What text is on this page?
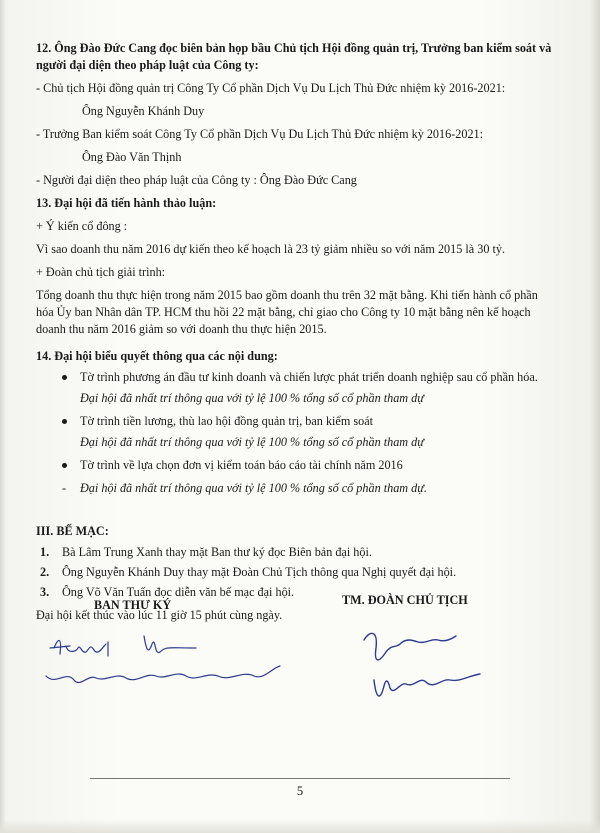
12. Ông Đào Đức Cang đọc biên bản họp bầu Chủ tịch Hội đồng quản trị, Trưởng ban kiểm soát và người đại diện theo pháp luật của Công ty:

- Chủ tịch Hội đồng quản trị Công Ty Cổ phần Dịch Vụ Du Lịch Thủ Đức nhiệm kỳ 2016-2021:

Ông Nguyễn Khánh Duy

- Trưởng Ban kiểm soát Công Ty Cổ phần Dịch Vụ Du Lịch Thủ Đức nhiệm kỳ 2016-2021:

Ông Đào Văn Thịnh

- Người đại diện theo pháp luật của Công ty : Ông Đào Đức Cang

13. Đại hội đã tiến hành thảo luận:

+ Ý kiến cổ đông :

Vì sao doanh thu năm 2016 dự kiến theo kế hoạch là 23 tỷ giảm nhiều so với năm 2015 là 30 tỷ.

+ Đoàn chủ tịch giải trình:

Tổng doanh thu thực hiện trong năm 2015 bao gồm doanh thu trên 32 mặt bằng. Khi tiến hành cổ phần hóa Ủy ban Nhân dân TP. HCM thu hồi 22 mặt bằng, chỉ giao cho Công ty 10 mặt bằng nên kế hoạch doanh thu năm 2016 giảm so với doanh thu thực hiện 2015.

14. Đại hội biểu quyết thông qua các nội dung:

Tờ trình phương án đầu tư kinh doanh và chiến lược phát triển doanh nghiệp sau cổ phần hóa.
Đại hội đã nhất trí thông qua với tỷ lệ 100 % tổng số cổ phần tham dự
Tờ trình tiền lương, thù lao hội đồng quản trị, ban kiểm soát
Đại hội đã nhất trí thông qua với tỷ lệ 100 % tổng số cổ phần tham dự
Tờ trình về lựa chọn đơn vị kiểm toán báo cáo tài chính năm 2016
- Đại hội đã nhất trí thông qua với tỷ lệ 100 % tổng số cổ phần tham dự.

III. BẾ MẠC:

1. Bà Lâm Trung Xanh thay mặt Ban thư ký đọc Biên bản đại hội.
2. Ông Nguyễn Khánh Duy thay mặt Đoàn Chủ Tịch thông qua Nghị quyết đại hội.
3. Ông Võ Văn Tuấn đọc diễn văn bế mạc đại hội.

Đại hội kết thúc vào lúc 11 giờ 15 phút cùng ngày.

BAN THƯ KÝ	TM. ĐOÀN CHỦ TỊCH
5
